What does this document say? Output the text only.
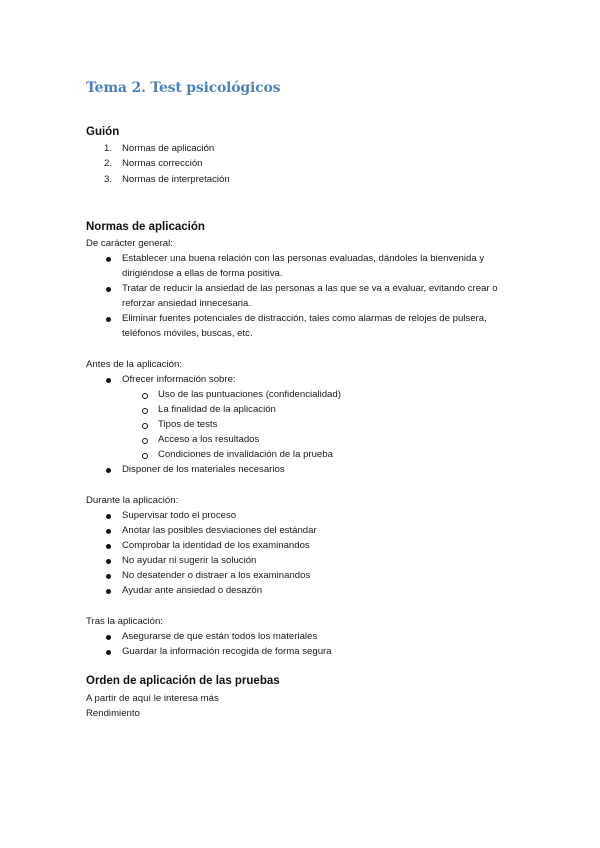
Tema 2. Test psicológicos
Guión
1. Normas de aplicación
2. Normas corrección
3. Normas de interpretación
Normas de aplicación
De carácter general:
Establecer una buena relación con las personas evaluadas, dándoles la bienvenida y
dirigiéndose a ellas de forma positiva.
Tratar de reducir la ansiedad de las personas a las que se va a evaluar, evitando crear o
reforzar ansiedad innecesaria.
Eliminar fuentes potenciales de distracción, tales como alarmas de relojes de pulsera,
teléfonos móviles, buscas, etc.
Antes de la aplicación:
Ofrecer información sobre:
Uso de las puntuaciones (confidencialidad)
La finalidad de la aplicación
Tipos de tests
Acceso a los resultados
Condiciones de invalidación de la prueba
Disponer de los materiales necesarios
Durante la aplicación:
Supervisar todo el proceso
Anotar las posibles desviaciones del estándar
Comprobar la identidad de los examinandos
No ayudar ni sugerir la solución
No desatender o distraer a los examinandos
Ayudar ante ansiedad o desazón
Tras la aplicación:
Asegurarse de que están todos los materiales
Guardar la información recogida de forma segura
Orden de aplicación de las pruebas
A partir de aquí le interesa más
Rendimiento
